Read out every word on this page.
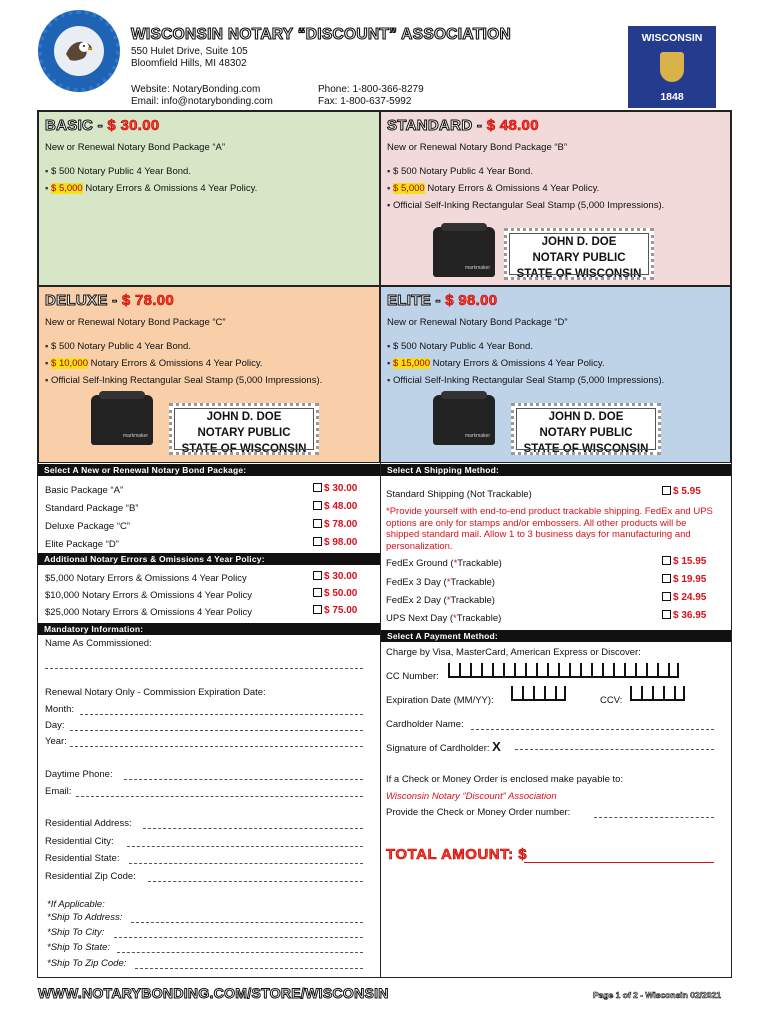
WISCONSIN NOTARY “DISCOUNT” ASSOCIATION
550 Hulet Drive, Suite 105
Bloomfield Hills, MI 48302
Website: NotaryBonding.com
Email: info@notarybonding.com
Phone: 1-800-366-8279
Fax: 1-800-637-5992
WISCONSIN
1848
BASIC - $ 30.00
New or Renewal Notary Bond Package “A”
▪ $ 500 Notary Public 4 Year Bond.
▪ $ 5,000 Notary Errors & Omissions 4 Year Policy.
STANDARD - $ 48.00
New or Renewal Notary Bond Package “B”
▪ $ 500 Notary Public 4 Year Bond.
▪ $ 5,000 Notary Errors & Omissions 4 Year Policy.
▪ Official Self-Inking Rectangular Seal Stamp (5,000 Impressions).
markmaker
JOHN D. DOE
NOTARY PUBLIC
STATE OF WISCONSIN
DELUXE - $ 78.00
New or Renewal Notary Bond Package “C”
▪ $ 500 Notary Public 4 Year Bond.
▪ $ 10,000 Notary Errors & Omissions 4 Year Policy.
▪ Official Self-Inking Rectangular Seal Stamp (5,000 Impressions).
markmaker
JOHN D. DOE
NOTARY PUBLIC
STATE OF WISCONSIN
ELITE - $ 98.00
New or Renewal Notary Bond Package “D”
▪ $ 500 Notary Public 4 Year Bond.
▪ $ 15,000 Notary Errors & Omissions 4 Year Policy.
▪ Official Self-Inking Rectangular Seal Stamp (5,000 Impressions).
markmaker
JOHN D. DOE
NOTARY PUBLIC
STATE OF WISCONSIN
Select A New or Renewal Notary Bond Package:
Basic Package “A”	$ 30.00
Standard Package “B”	$ 48.00
Deluxe Package “C”	$ 78.00
Elite Package “D”	$ 98.00
Additional Notary Errors & Omissions 4 Year Policy:
$5,000 Notary Errors & Omissions 4 Year Policy	$ 30.00
$10,000 Notary Errors & Omissions 4 Year Policy	$ 50.00
$25,000 Notary Errors & Omissions 4 Year Policy	$ 75.00
Mandatory Information:
Name As Commissioned:
Renewal Notary Only - Commission Expiration Date:
Month:
Day:
Year:
Daytime Phone:
Email:
Residential Address:
Residential City:
Residential State:
Residential Zip Code:
*If Applicable:
*Ship To Address:
*Ship To City:
*Ship To State:
*Ship To Zip Code:
Select A Shipping Method:
Standard Shipping (Not Trackable)	$ 5.95
*Provide yourself with end-to-end product trackable shipping. FedEx and UPS options are only for stamps and/or embossers. All other products will be shipped standard mail. Allow 1 to 3 business days for manufacturing and personalization.
FedEx Ground (*Trackable)	$ 15.95
FedEx 3 Day (*Trackable)	$ 19.95
FedEx 2 Day (*Trackable)	$ 24.95
UPS Next Day (*Trackable)	$ 36.95
Select A Payment Method:
Charge by Visa, MasterCard, American Express or Discover:
CC Number:
Expiration Date (MM/YY):	CCV:
Cardholder Name:
Signature of Cardholder: X
If a Check or Money Order is enclosed make payable to:
Wisconsin Notary “Discount” Association
Provide the Check or Money Order number:
TOTAL AMOUNT: $
WWW.NOTARYBONDING.COM/STORE/WISCONSIN	Page 1 of 2 - Wisconsin 02/2021
